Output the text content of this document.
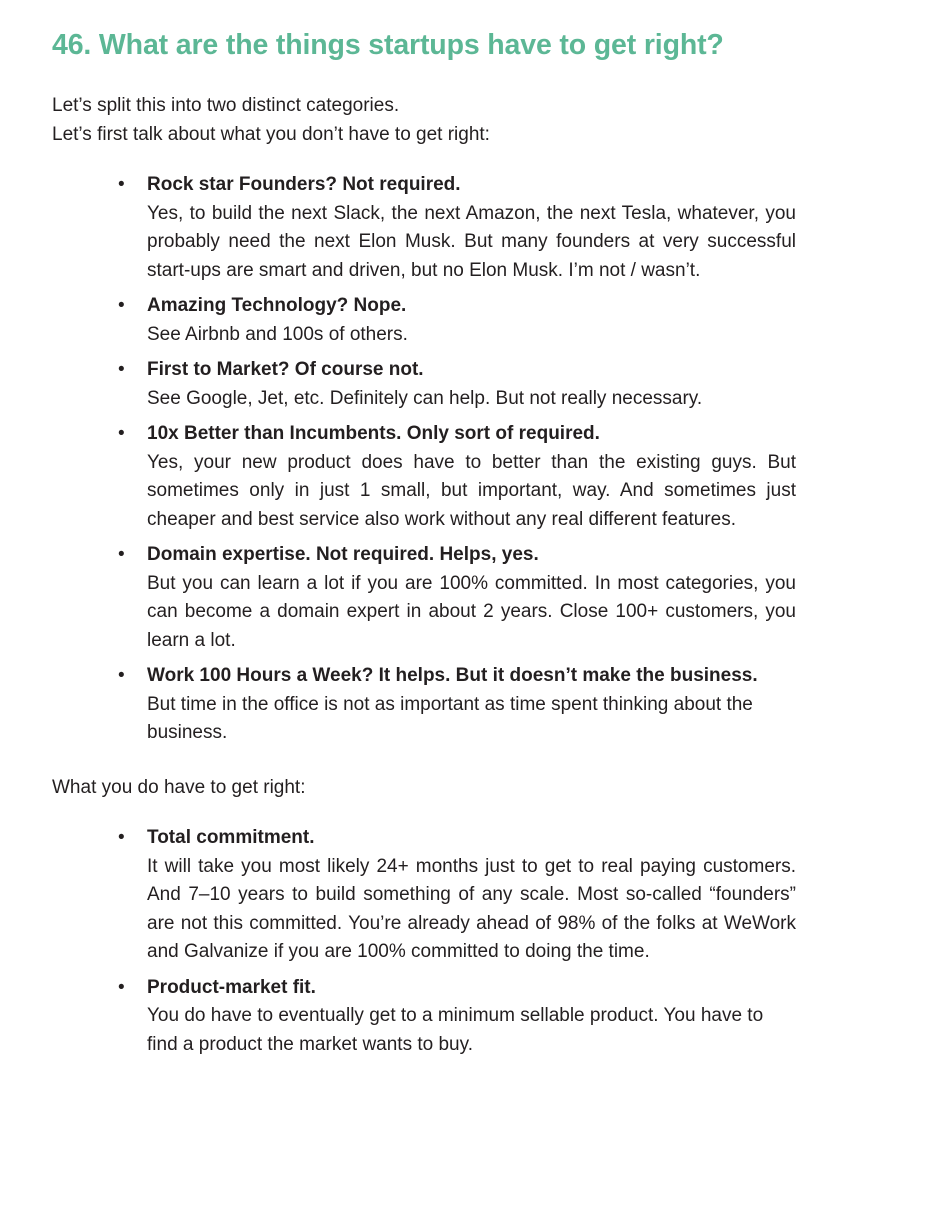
46. What are the things startups have to get right?
Let’s split this into two distinct categories.
Let’s first talk about what you don’t have to get right:
• Rock star Founders? Not required.

Yes, to build the next Slack, the next Amazon, the next Tesla, whatever, you probably need the next Elon Musk. But many founders at very successful start-ups are smart and driven, but no Elon Musk. I’m not / wasn’t.

• Amazing Technology? Nope.

See Airbnb and 100s of others.

• First to Market? Of course not.

See Google, Jet, etc. Definitely can help. But not really necessary.

• 10x Better than Incumbents. Only sort of required.

Yes, your new product does have to better than the existing guys. But sometimes only in just 1 small, but important, way. And sometimes just cheaper and best service also work without any real different features.

• Domain expertise. Not required. Helps, yes.

But you can learn a lot if you are 100% committed. In most categories, you can become a domain expert in about 2 years. Close 100+ customers, you learn a lot.

• Work 100 Hours a Week? It helps. But it doesn’t make the business.

But time in the office is not as important as time spent thinking about the business.

What you do have to get right:

• Total commitment.

It will take you most likely 24+ months just to get to real paying customers. And 7–10 years to build something of any scale. Most so-called “founders” are not this committed. You’re already ahead of 98% of the folks at WeWork and Galvanize if you are 100% committed to doing the time.

• Product-market fit.

You do have to eventually get to a minimum sellable product. You have to find a product the market wants to buy.
